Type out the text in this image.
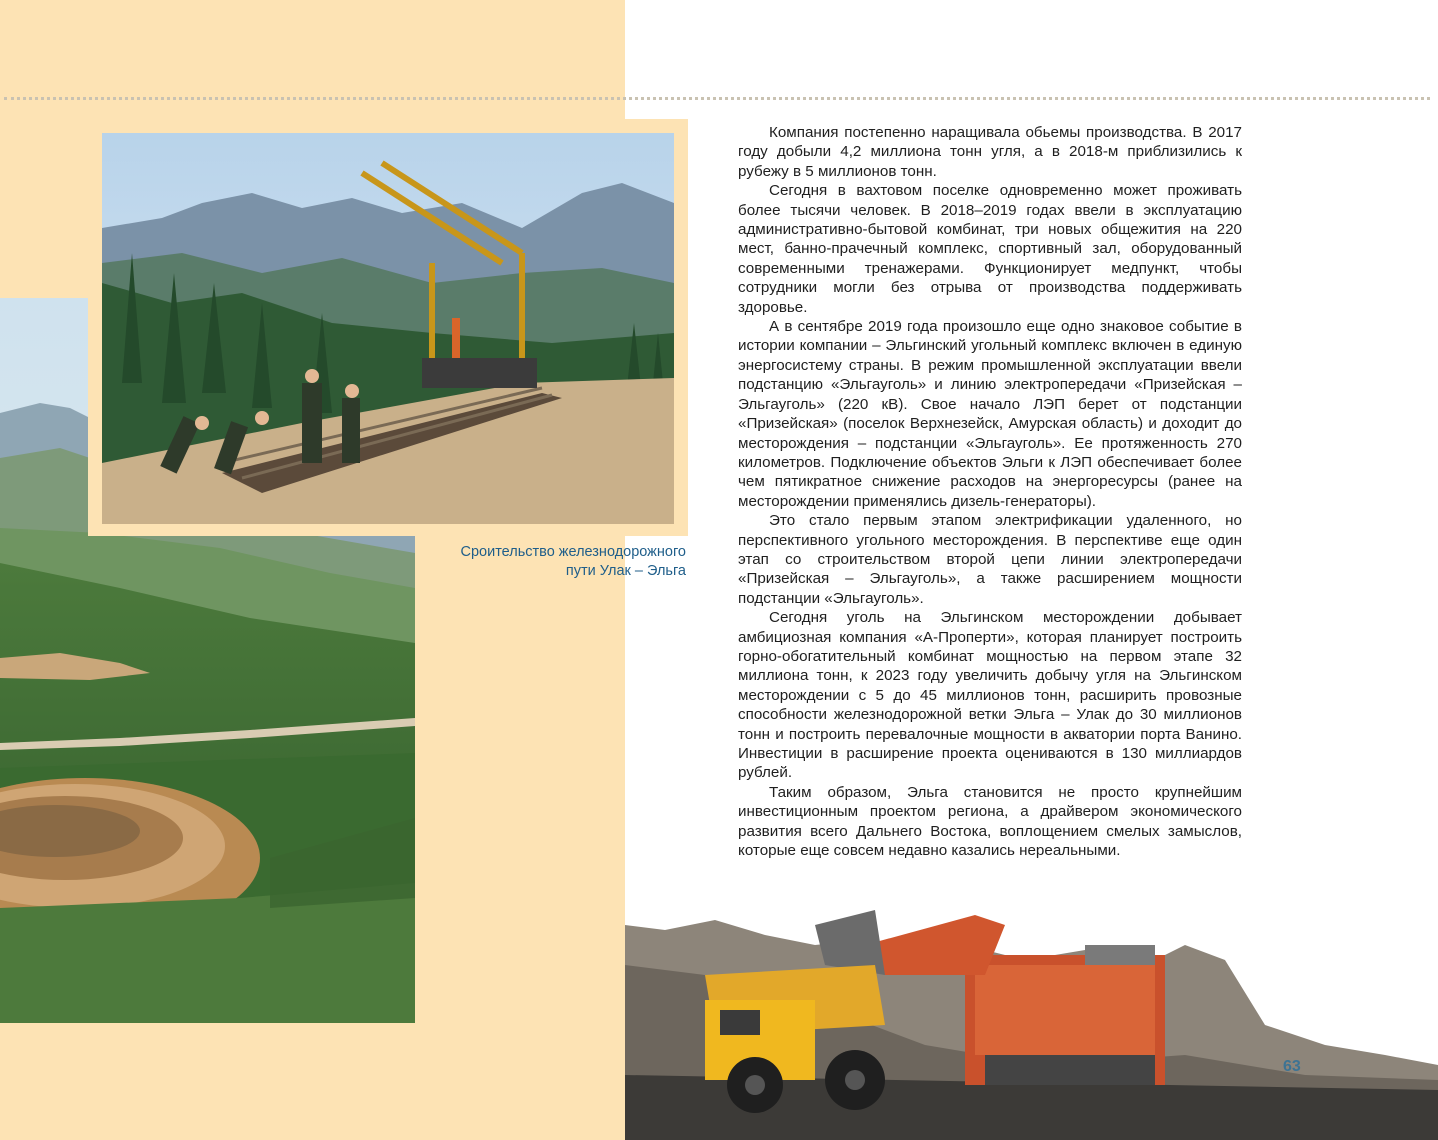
Сроительство железнодорожного
пути Улак – Эльга

Компания постепенно наращивала обьемы производства. В 2017 году добыли 4,2 миллиона тонн угля, а в 2018-м приблизились к рубежу в 5 миллионов тонн.

Сегодня в вахтовом поселке одновременно может проживать более тысячи человек. В 2018–2019 годах ввели в эксплуатацию административно-бытовой комбинат, три новых общежития на 220 мест, банно-прачечный комплекс, спортивный зал, оборудованный современными тренажерами. Функционирует медпункт, чтобы сотрудники могли без отрыва от производства поддерживать здоровье.

А в сентябре 2019 года произошло еще одно знаковое событие в истории компании – Эльгинский угольный комплекс включен в единую энергосистему страны. В режим промышленной эксплуатации ввели подстанцию «Эльгауголь» и линию электропередачи «Призейская – Эльгауголь» (220 кВ). Свое начало ЛЭП берет от подстанции «Призейская» (поселок Верхнезейск, Амурская область) и доходит до месторождения – подстанции «Эльгауголь». Ее протяженность 270 километров. Подключение объектов Эльги к ЛЭП обеспечивает более чем пятикратное снижение расходов на энергоресурсы (ранее на месторождении применялись дизель-генераторы).

Это стало первым этапом электрификации удаленного, но перспективного угольного месторождения. В перспективе еще один этап со строительством второй цепи линии электропередачи «Призейская – Эльгауголь», а также расширением мощности подстанции «Эльгауголь».

Сегодня уголь на Эльгинском месторождении добывает амбициозная компания «А-Проперти», которая планирует построить горно-обогатительный комбинат мощностью на первом этапе 32 миллиона тонн, к 2023 году увеличить добычу угля на Эльгинском месторождении с 5 до 45 миллионов тонн, расширить провозные способности железнодорожной ветки Эльга – Улак до 30 миллионов тонн и построить перевалочные мощности в акватории порта Ванино. Инвестиции в расширение проекта оцениваются в 130 миллиардов рублей.

Таким образом, Эльга становится не просто крупнейшим инвестиционным проектом региона, а драйвером экономического развития всего Дальнего Востока, воплощением смелых замыслов, которые еще совсем недавно казались нереальными.

63
